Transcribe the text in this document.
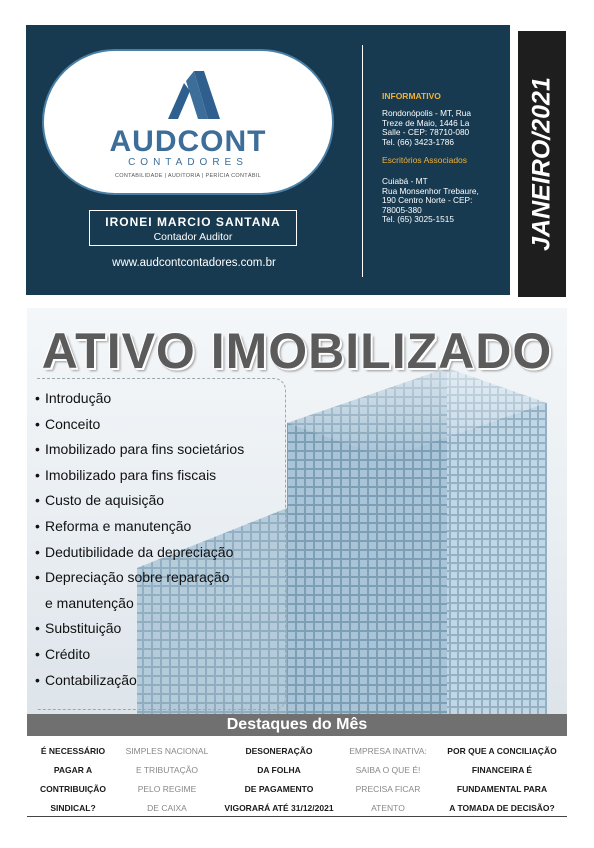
AUDCONT
CONTADORES
CONTABILIDADE | AUDITORIA | PERÍCIA CONTÁBIL
IRONEI MARCIO SANTANA
Contador Auditor
www.audcontcontadores.com.br
INFORMATIVO
Rondonópolis - MT, Rua
Treze de Maio, 1446 La
Salle - CEP: 78710-080
Tel. (66) 3423-1786
Escritórios Associados
Cuiabá - MT
Rua Monsenhor Trebaure,
190 Centro Norte - CEP:
78005-380
Tel. (65) 3025-1515	JANEIRO/2021
ATIVO IMOBILIZADO
• Introdução
• Conceito
• Imobilizado para fins societários
• Imobilizado para fins fiscais
• Custo de aquisição
• Reforma e manutenção
• Dedutibilidade da depreciação
• Depreciação sobre reparação
e manutenção
• Substituição
• Crédito
• Contabilização
Destaques do Mês
É NECESSÁRIO
PAGAR A
CONTRIBUIÇÃO
SINDICAL?
SIMPLES NACIONAL
E TRIBUTAÇÃO
PELO REGIME
DE CAIXA
DESONERAÇÃO
DA FOLHA
DE PAGAMENTO
VIGORARÁ ATÉ 31/12/2021
EMPRESA INATIVA:
SAIBA O QUE É!
PRECISA FICAR
ATENTO
POR QUE A CONCILIAÇÃO
FINANCEIRA É
FUNDAMENTAL PARA
A TOMADA DE DECISÃO?
